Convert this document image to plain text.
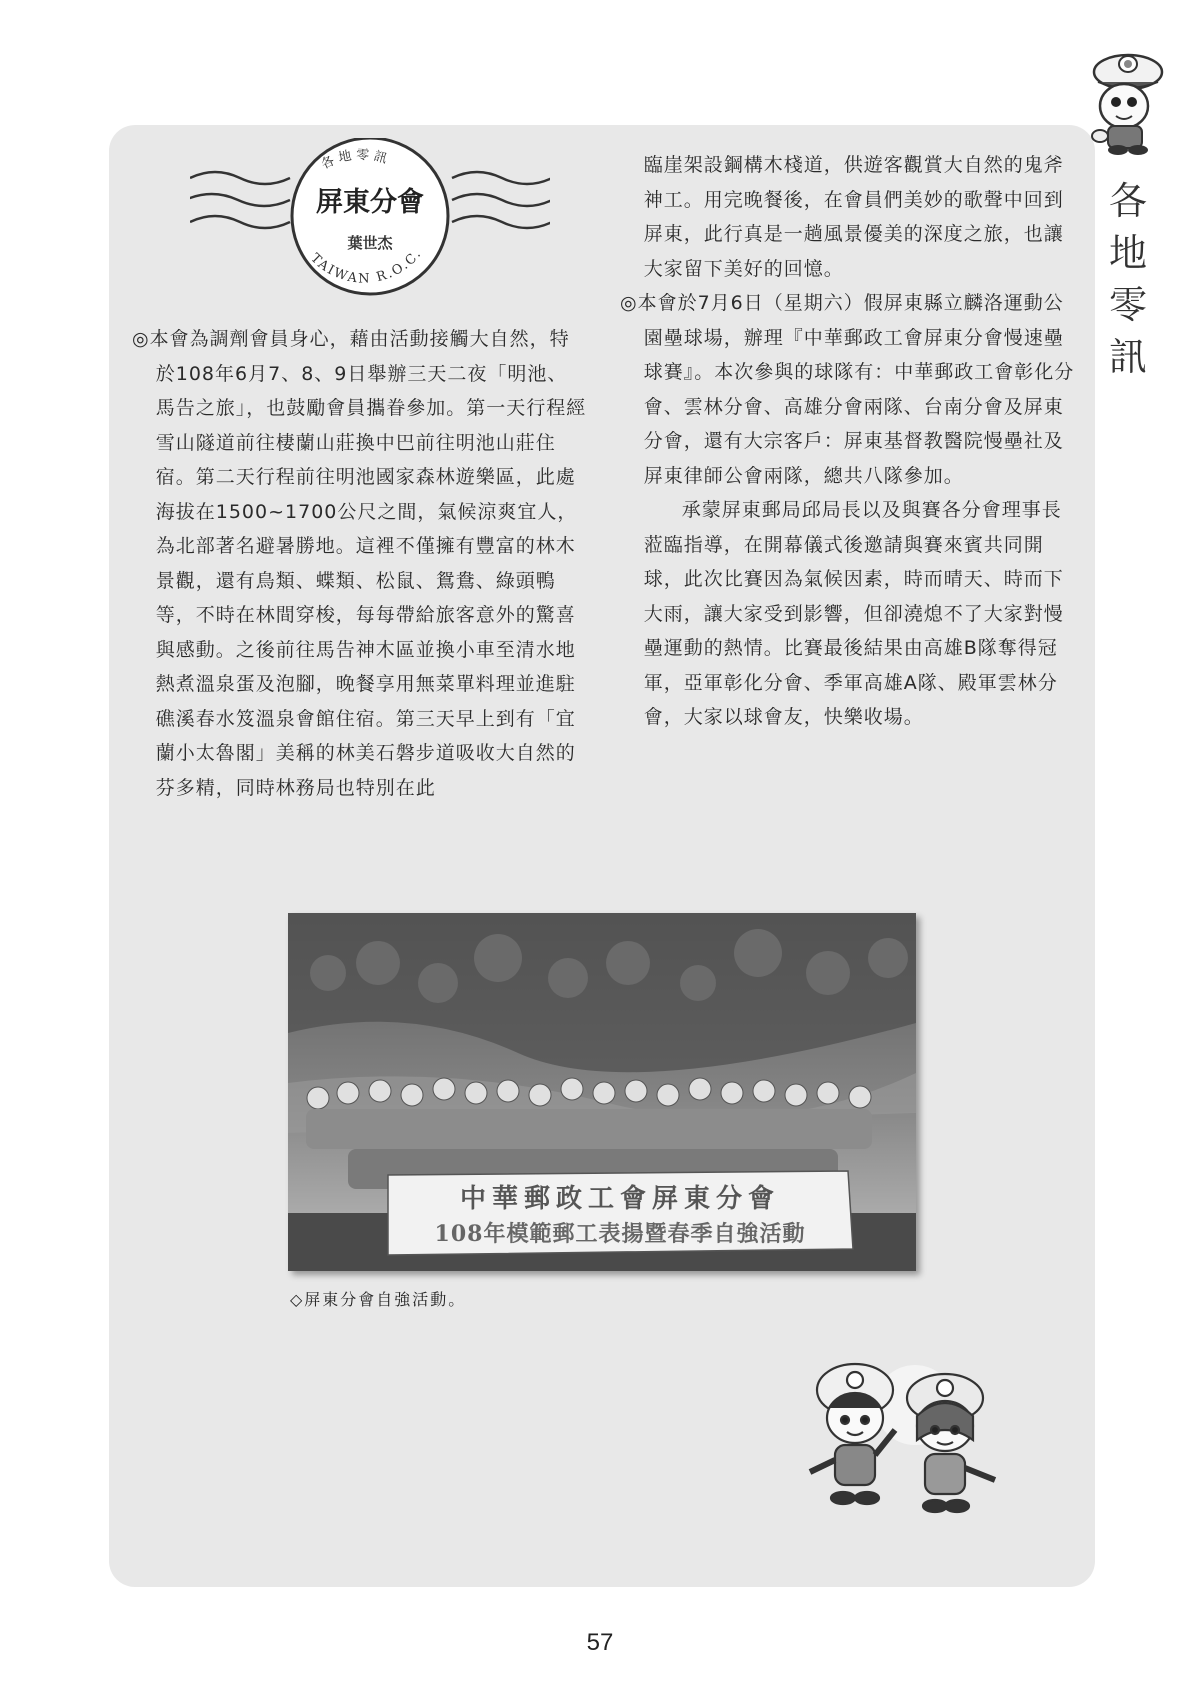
各
地
零
訊
各地零訊
TAIWAN R.O.C.
屏東分會
葉世杰

◎本會為調劑會員身心，藉由活動接觸大自然，特於108年6月7、8、9日舉辦三天二夜「明池、馬告之旅」，也鼓勵會員攜眷參加。第一天行程經雪山隧道前往棲蘭山莊換中巴前往明池山莊住宿。第二天行程前往明池國家森林遊樂區，此處海拔在1500~1700公尺之間，氣候涼爽宜人，為北部著名避暑勝地。這裡不僅擁有豐富的林木景觀，還有鳥類、蝶類、松鼠、鴛鴦、綠頭鴨等，不時在林間穿梭，每每帶給旅客意外的驚喜與感動。之後前往馬告神木區並換小車至清水地熱煮溫泉蛋及泡腳，晚餐享用無菜單料理並進駐礁溪春水笈溫泉會館住宿。第三天早上到有「宜蘭小太魯閣」美稱的林美石磐步道吸收大自然的芬多精，同時林務局也特別在此

臨崖架設鋼構木棧道，供遊客觀賞大自然的鬼斧神工。用完晚餐後，在會員們美妙的歌聲中回到屏東，此行真是一趟風景優美的深度之旅，也讓大家留下美好的回憶。

◎本會於7月6日（星期六）假屏東縣立麟洛運動公園壘球場，辦理『中華郵政工會屏東分會慢速壘球賽』。本次參與的球隊有：中華郵政工會彰化分會、雲林分會、高雄分會兩隊、台南分會及屏東分會，還有大宗客戶：屏東基督教醫院慢壘社及屏東律師公會兩隊，總共八隊參加。

承蒙屏東郵局邱局長以及與賽各分會理事長蒞臨指導，在開幕儀式後邀請與賽來賓共同開球，此次比賽因為氣候因素，時而晴天、時而下大雨，讓大家受到影響，但卻澆熄不了大家對慢壘運動的熱情。比賽最後結果由高雄B隊奪得冠軍，亞軍彰化分會、季軍高雄A隊、殿軍雲林分會，大家以球會友，快樂收場。

中華郵政工會屏東分會
108年模範郵工表揚暨春季自強活動
◇屏東分會自強活動。
57
